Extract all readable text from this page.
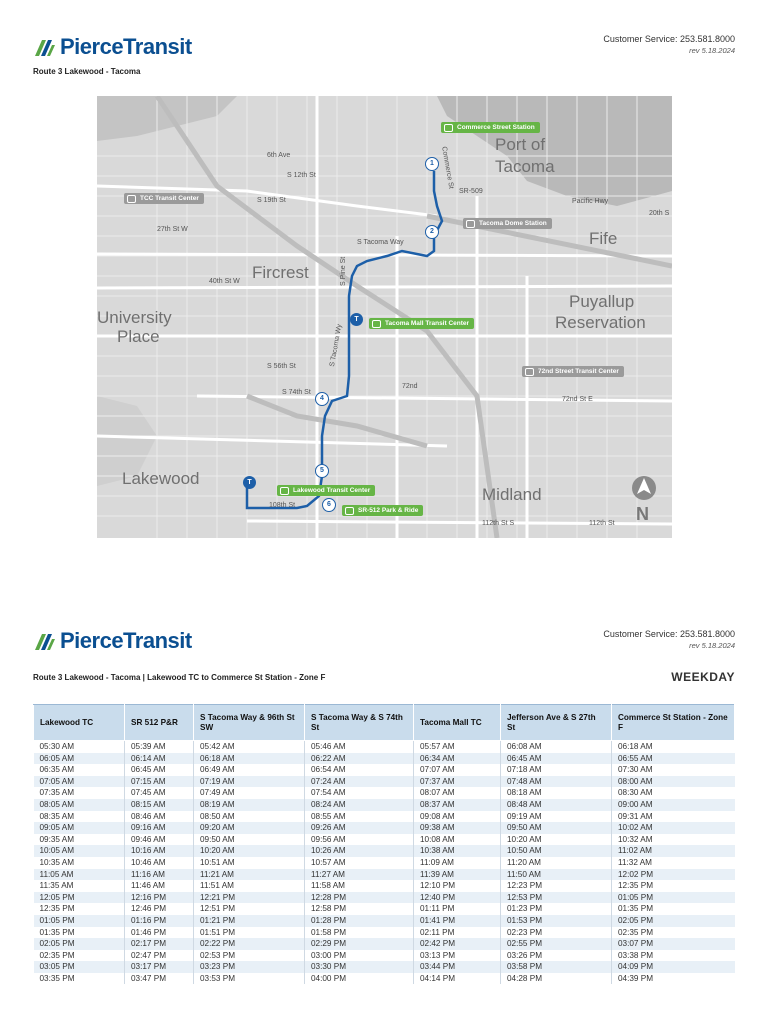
PierceTransit	Customer Service: 253.581.8000
rev 5.18.2024
Route 3 Lakewood - Tacoma
Port of
Tacoma
Fife
Fircrest
University
Place
Puyallup
Reservation
Lakewood
Midland
6th Ave
S 12th St
S 19th St
27th St W
40th St W
S 56th St
S 74th St
72nd
72nd St E
112th St S	112th St
108th St
Pacific Hwy
S Tacoma Way
S Tacoma Wy
S Pine St
Commerce St
SR-509
20th S
Commerce Street Station
Tacoma Dome Station
TCC Transit Center
Tacoma Mall Transit Center
72nd Street Transit Center
Lakewood Transit Center
SR-512 Park & Ride
1
2
T
4
5
6
T
N
PierceTransit	Customer Service: 253.581.8000
rev 5.18.2024
Route 3 Lakewood - Tacoma | Lakewood TC to Commerce St Station - Zone F	WEEKDAY
Lakewood TC	SR 512 P&R	S Tacoma Way & 96th St SW	S Tacoma Way & S 74th St	Tacoma Mall TC	Jefferson Ave & S 27th St	Commerce St Station - Zone F
05:30 AM	05:39 AM	05:42 AM	05:46 AM	05:57 AM	06:08 AM	06:18 AM
06:05 AM	06:14 AM	06:18 AM	06:22 AM	06:34 AM	06:45 AM	06:55 AM
06:35 AM	06:45 AM	06:49 AM	06:54 AM	07:07 AM	07:18 AM	07:30 AM
07:05 AM	07:15 AM	07:19 AM	07:24 AM	07:37 AM	07:48 AM	08:00 AM
07:35 AM	07:45 AM	07:49 AM	07:54 AM	08:07 AM	08:18 AM	08:30 AM
08:05 AM	08:15 AM	08:19 AM	08:24 AM	08:37 AM	08:48 AM	09:00 AM
08:35 AM	08:46 AM	08:50 AM	08:55 AM	09:08 AM	09:19 AM	09:31 AM
09:05 AM	09:16 AM	09:20 AM	09:26 AM	09:38 AM	09:50 AM	10:02 AM
09:35 AM	09:46 AM	09:50 AM	09:56 AM	10:08 AM	10:20 AM	10:32 AM
10:05 AM	10:16 AM	10:20 AM	10:26 AM	10:38 AM	10:50 AM	11:02 AM
10:35 AM	10:46 AM	10:51 AM	10:57 AM	11:09 AM	11:20 AM	11:32 AM
11:05 AM	11:16 AM	11:21 AM	11:27 AM	11:39 AM	11:50 AM	12:02 PM
11:35 AM	11:46 AM	11:51 AM	11:58 AM	12:10 PM	12:23 PM	12:35 PM
12:05 PM	12:16 PM	12:21 PM	12:28 PM	12:40 PM	12:53 PM	01:05 PM
12:35 PM	12:46 PM	12:51 PM	12:58 PM	01:11 PM	01:23 PM	01:35 PM
01:05 PM	01:16 PM	01:21 PM	01:28 PM	01:41 PM	01:53 PM	02:05 PM
01:35 PM	01:46 PM	01:51 PM	01:58 PM	02:11 PM	02:23 PM	02:35 PM
02:05 PM	02:17 PM	02:22 PM	02:29 PM	02:42 PM	02:55 PM	03:07 PM
02:35 PM	02:47 PM	02:53 PM	03:00 PM	03:13 PM	03:26 PM	03:38 PM
03:05 PM	03:17 PM	03:23 PM	03:30 PM	03:44 PM	03:58 PM	04:09 PM
03:35 PM	03:47 PM	03:53 PM	04:00 PM	04:14 PM	04:28 PM	04:39 PM
